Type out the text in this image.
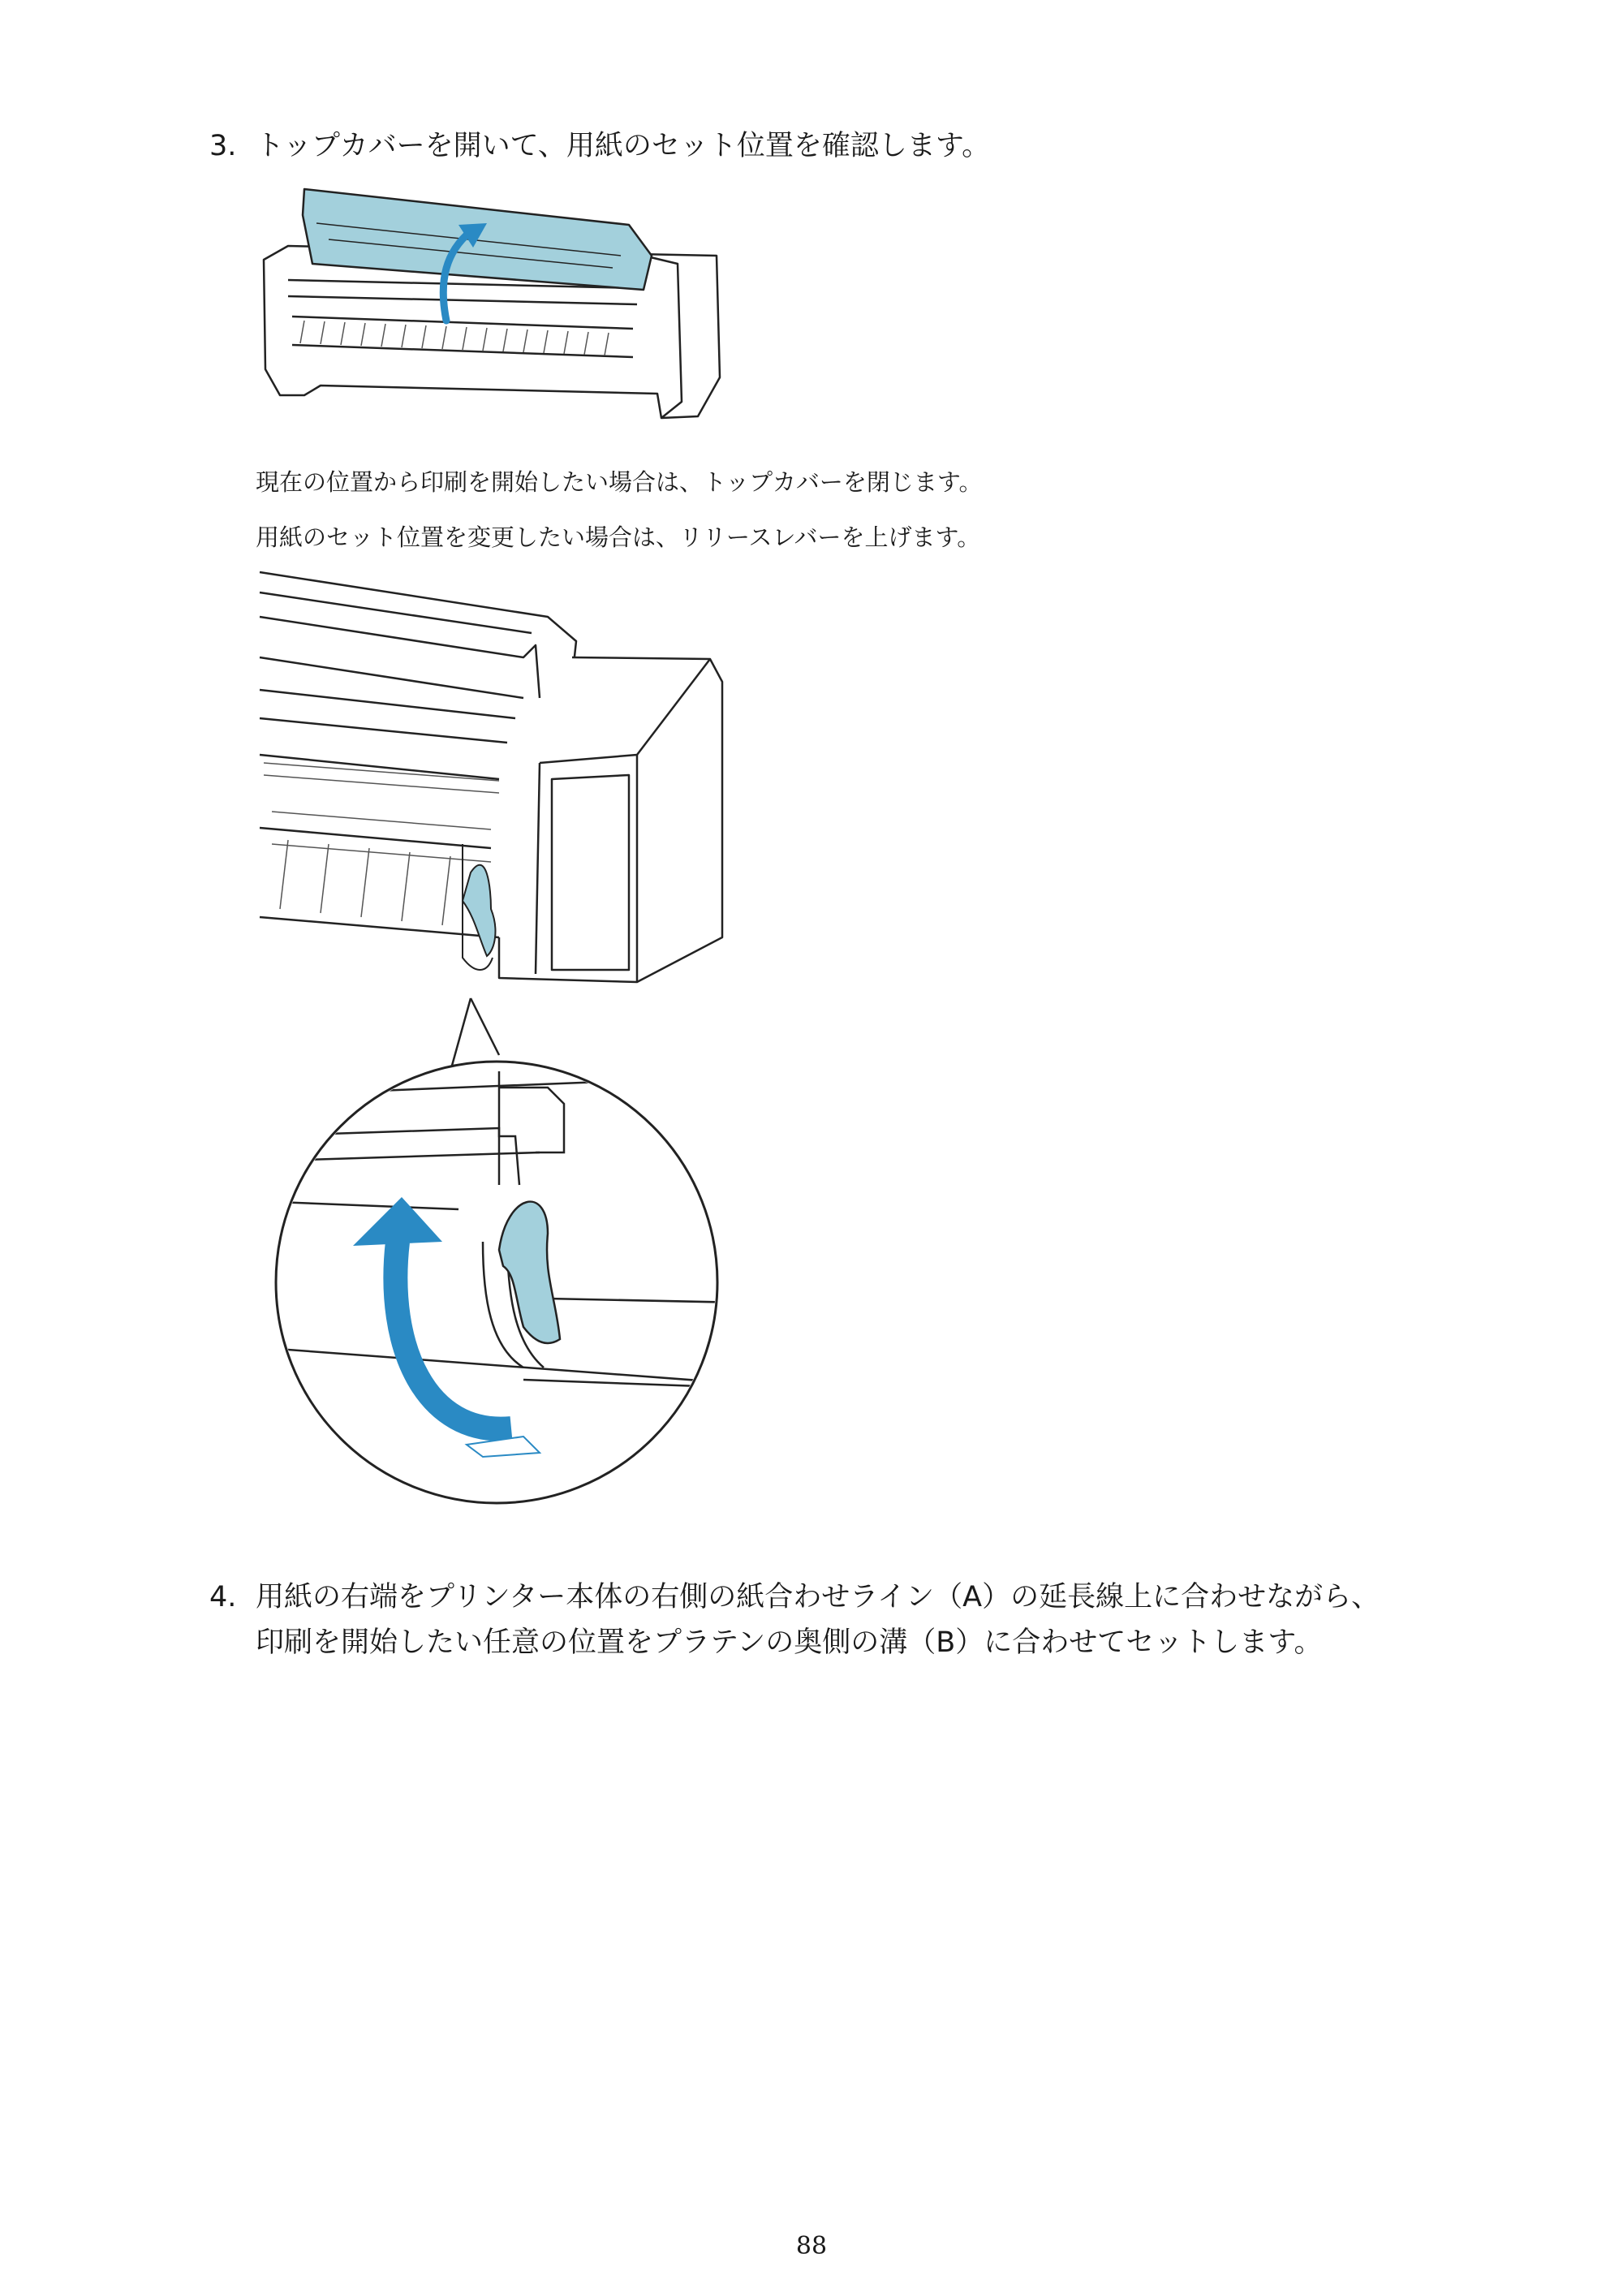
3. トップカバーを開いて、用紙のセット位置を確認します。
現在の位置から印刷を開始したい場合は、トップカバーを閉じます。
用紙のセット位置を変更したい場合は、リリースレバーを上げます。
4. 用紙の右端をプリンター本体の右側の紙合わせライン（A）の延長線上に合わせながら、
印刷を開始したい任意の位置をプラテンの奥側の溝（B）に合わせてセットします。
88
